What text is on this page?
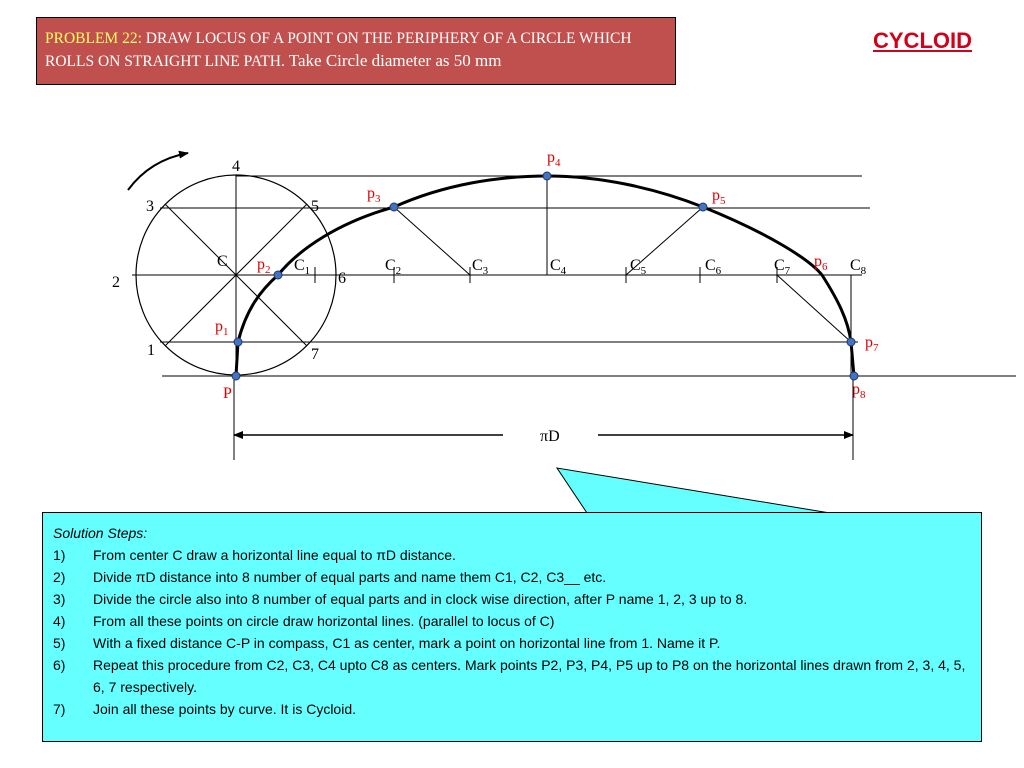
PROBLEM 22: DRAW LOCUS OF A POINT ON THE PERIPHERY OF A CIRCLE WHICH ROLLS ON STRAIGHT LINE PATH. Take Circle diameter as 50 mm
CYCLOID
1
2
3
4
5
6
7
C
P
$C_1$	$C_2$	$C_3$	$C_4$	$C_5$	$C_6$	$C_7$	$C_8$
$p_1$
$p_2$
$p_3$
$p_4$
$p_5$
$p_6$
$p_7$
$p_8$
πD
Solution Steps:
1)	From center C draw a horizontal line equal to πD distance.
2)	Divide πD distance into 8 number of equal parts and name them C1, C2, C3__ etc.
3)	Divide the circle also into 8 number of equal parts and in clock wise direction, after P name 1, 2, 3 up to 8.
4)	From all these points on circle draw horizontal lines. (parallel to locus of C)
5)	With a fixed distance C-P in compass, C1 as center, mark a point on horizontal line from 1. Name it P.
6)	Repeat this procedure from C2, C3, C4 upto C8 as centers. Mark points P2, P3, P4, P5 up to P8 on the horizontal lines drawn from 2, 3, 4, 5, 6, 7 respectively.
7)	Join all these points by curve. It is Cycloid.
